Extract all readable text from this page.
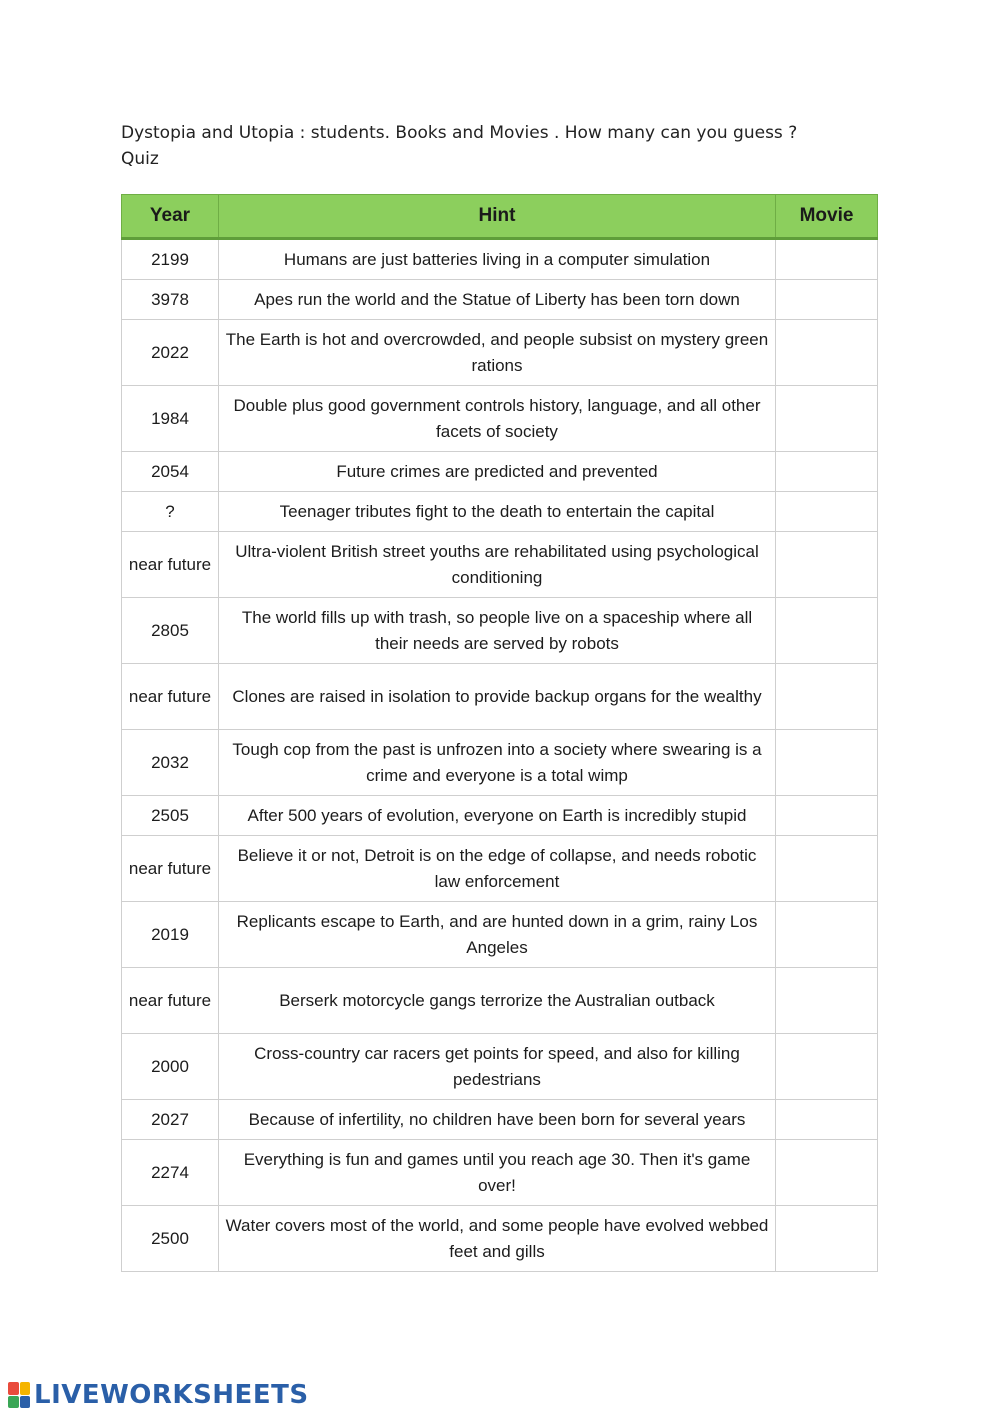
Dystopia and Utopia : students. Books and Movies . How many can you guess ?
Quiz
Year	Hint	Movie
2199	Humans are just batteries living in a computer simulation	
3978	Apes run the world and the Statue of Liberty has been torn down	
2022	The Earth is hot and overcrowded, and people subsist on mystery green rations	
1984	Double plus good government controls history, language, and all other facets of society	
2054	Future crimes are predicted and prevented	
?	Teenager tributes fight to the death to entertain the capital	
near future	Ultra-violent British street youths are rehabilitated using psychological conditioning	
2805	The world fills up with trash, so people live on a spaceship where all their needs are served by robots	
near future	Clones are raised in isolation to provide backup organs for the wealthy	
2032	Tough cop from the past is unfrozen into a society where swearing is a crime and everyone is a total wimp	
2505	After 500 years of evolution, everyone on Earth is incredibly stupid	
near future	Believe it or not, Detroit is on the edge of collapse, and needs robotic law enforcement	
2019	Replicants escape to Earth, and are hunted down in a grim, rainy Los Angeles	
near future	Berserk motorcycle gangs terrorize the Australian outback	
2000	Cross-country car racers get points for speed, and also for killing pedestrians	
2027	Because of infertility, no children have been born for several years	
2274	Everything is fun and games until you reach age 30. Then it's game over!	
2500	Water covers most of the world, and some people have evolved webbed feet and gills	
LIVEWORKSHEETS
